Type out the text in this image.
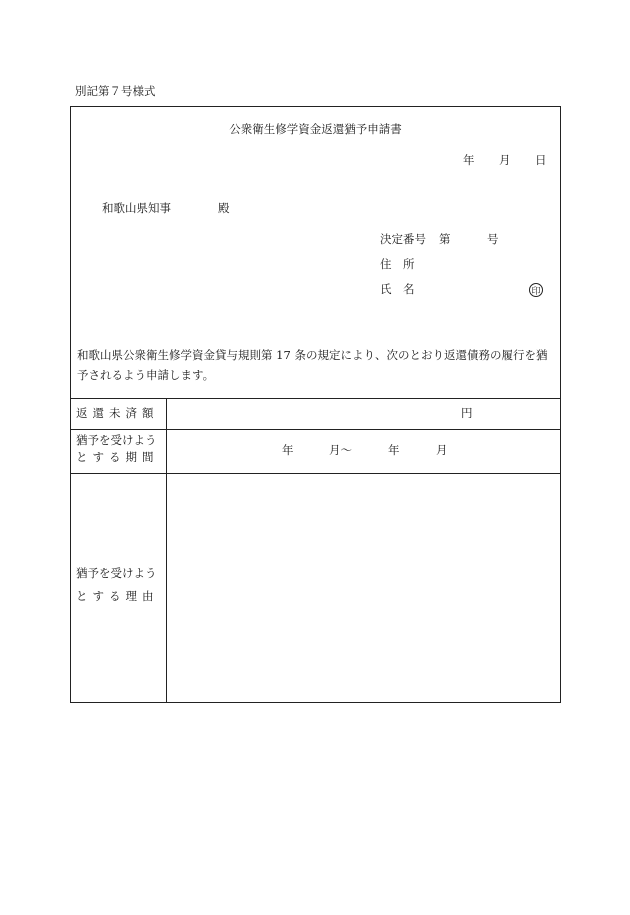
別記第７号様式
公衆衛生修学資金返還猶予申請書
年 月 日
和歌山県知事	殿
決定番号 第	号
住　所
氏　名	印
和歌山県公衆衛生修学資金貸与規則第 17 条の規定により、次のとおり返還債務の履行を猶予されるよう申請します。
返還未済額	円
猶予を受けよう
とする期間	年	月〜	年	月
猶予を受けよう
とする理由
